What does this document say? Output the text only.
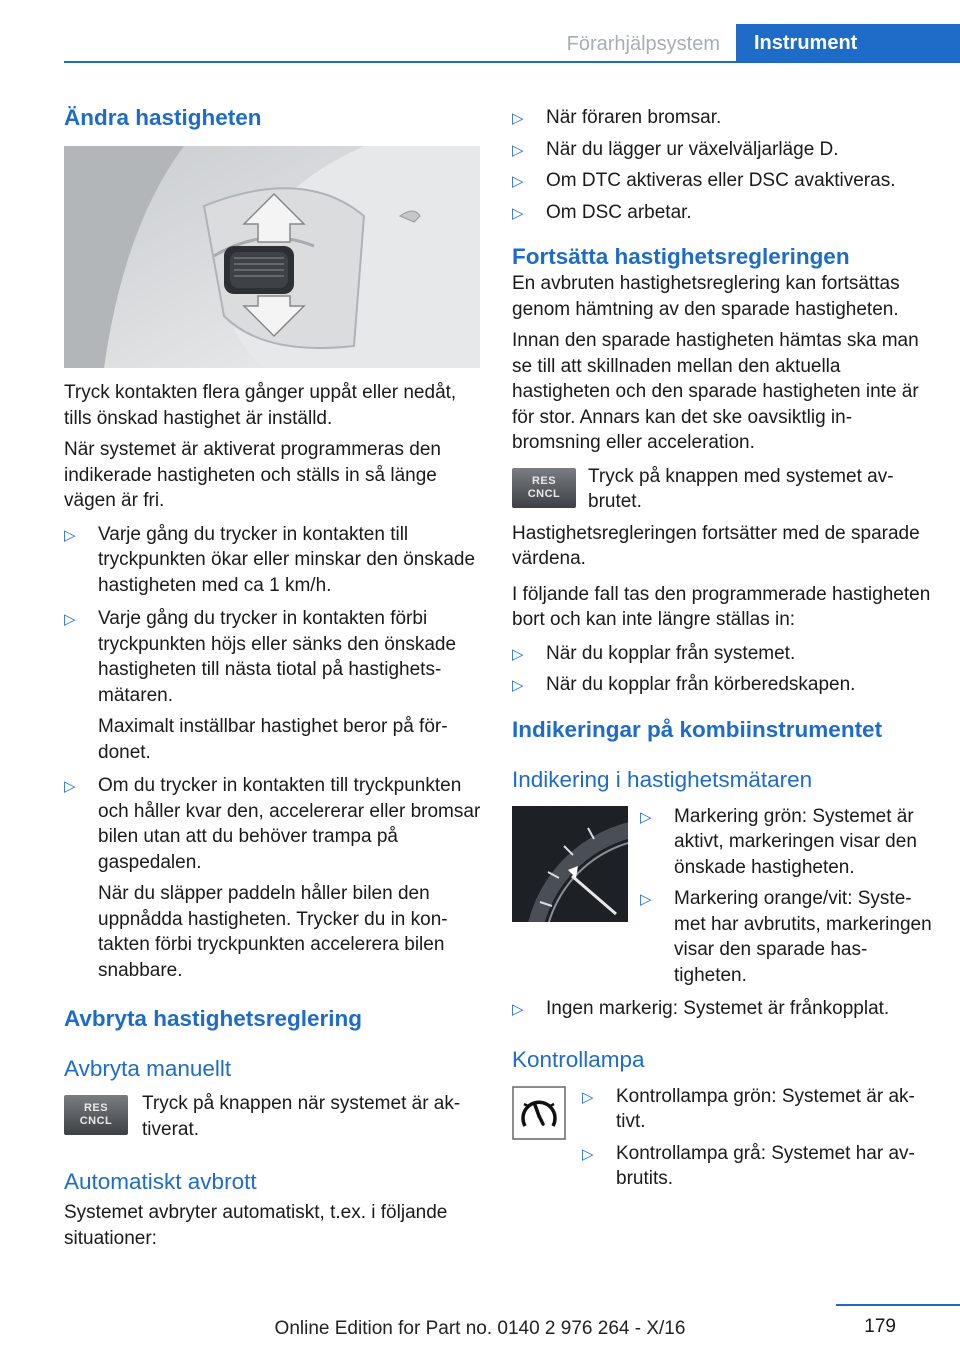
Förarhjälpsystem	Instrument
Ändra hastigheten

Tryck kontakten flera gånger uppåt eller nedåt, tills önskad hastighet är inställd.

När systemet är aktiverat programmeras den indikerade hastigheten och ställs in så länge vägen är fri.

▷ Varje gång du trycker in kontakten till tryckpunkten ökar eller minskar den önskade hastigheten med ca 1 km/h.
▷ Varje gång du trycker in kontakten förbi tryckpunkten höjs eller sänks den önskade hastigheten till nästa tiotal på hastighetsmätaren.
Maximalt inställbar hastighet beror på fördonet.
▷ Om du trycker in kontakten till tryckpunkten och håller kvar den, accelererar eller bromsar bilen utan att du behöver trampa på gaspedalen.
När du släpper paddeln håller bilen den uppnådda hastigheten. Trycker du in kontakten förbi tryckpunkten accelerera bilen snabbare.
Avbryta hastighetsreglering
Avbryta manuellt
RES
CNCL

Tryck på knappen när systemet är aktiverat.

Automatiskt avbrott

Systemet avbryter automatiskt, t.ex. i följande situationer:

▷ När föraren bromsar.
▷ När du lägger ur växelväljarläge D.
▷ Om DTC aktiveras eller DSC avaktiveras.
▷ Om DSC arbetar.
Fortsätta hastighetsregleringen

En avbruten hastighetsreglering kan fortsättas genom hämtning av den sparade hastigheten.

Innan den sparade hastigheten hämtas ska man se till att skillnaden mellan den aktuella hastigheten och den sparade hastigheten inte är för stor. Annars kan det ske oavsiktlig inbromsning eller acceleration.

RES
CNCL

Tryck på knappen med systemet avbrutet.

Hastighetsregleringen fortsätter med de sparade värdena.

I följande fall tas den programmerade hastigheten bort och kan inte längre ställas in:

▷ När du kopplar från systemet.
▷ När du kopplar från körberedskapen.
Indikeringar på kombiinstrumentet
Indikering i hastighetsmätaren
▷ Markering grön: Systemet är aktivt, markeringen visar den önskade hastigheten.
▷ Markering orange/vit: Systemet har avbrutits, markeringen visar den sparade hastigheten.
▷ Ingen markerig: Systemet är frånkopplat.
Kontrollampa
▷ Kontrollampa grön: Systemet är aktivt.
▷ Kontrollampa grå: Systemet har avbrutits.
179
Online Edition for Part no. 0140 2 976 264 - X/16
